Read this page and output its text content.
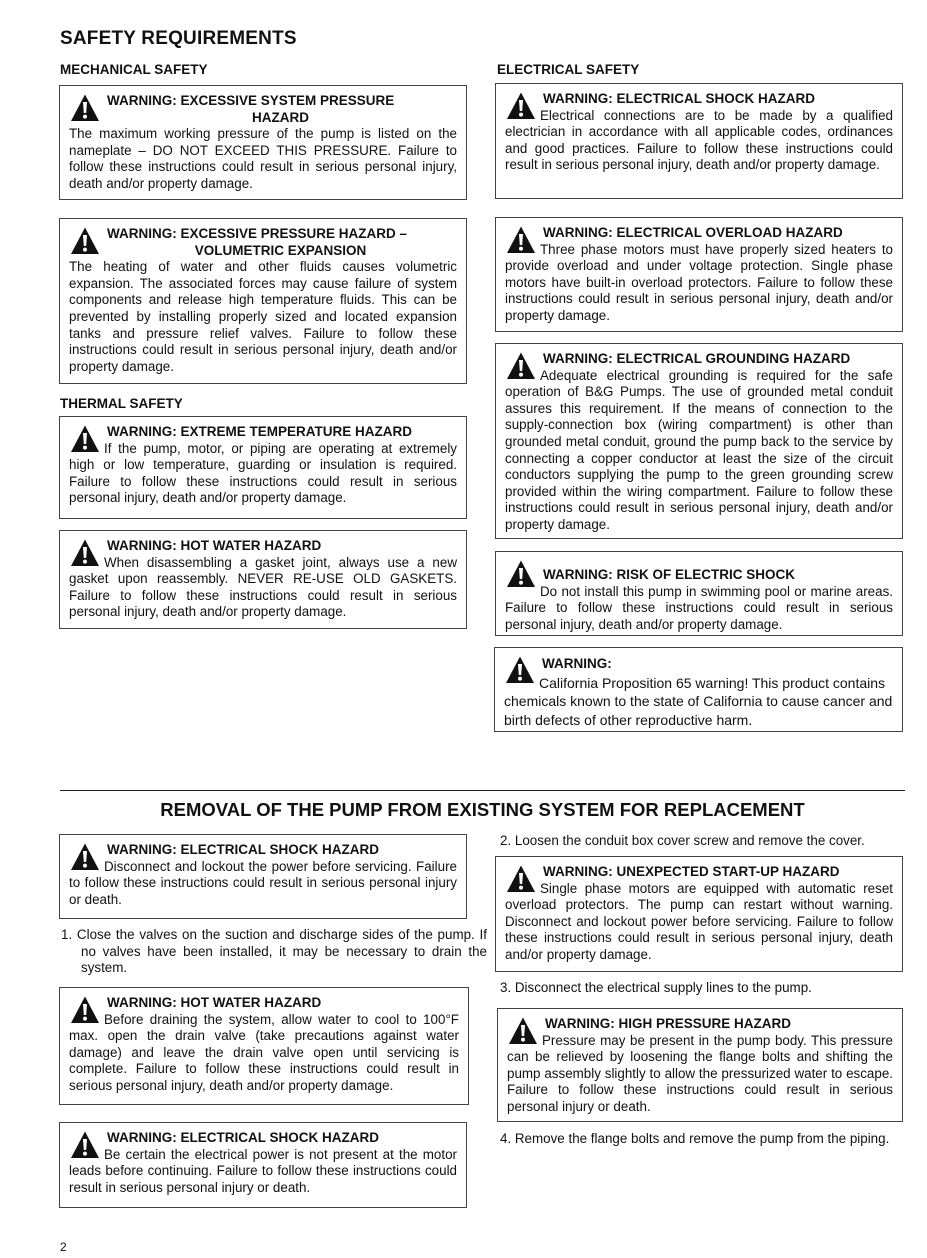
SAFETY REQUIREMENTS
MECHANICAL SAFETY	ELECTRICAL SAFETY
WARNING: EXCESSIVE SYSTEM PRESSURE
HAZARD
The maximum working pressure of the pump is listed on the nameplate – DO NOT EXCEED THIS PRESSURE. Failure to follow these instructions could result in serious personal injury, death and/or property damage.
WARNING: EXCESSIVE PRESSURE HAZARD –
VOLUMETRIC EXPANSION
The heating of water and other fluids causes volumetric expansion. The associated forces may cause failure of system components and release high temperature fluids. This can be prevented by installing properly sized and located expansion tanks and pressure relief valves. Failure to follow these instructions could result in serious personal injury, death and/or property damage.
THERMAL SAFETY
WARNING: EXTREME TEMPERATURE HAZARD
If the pump, motor, or piping are operating at extremely high or low temperature, guarding or insulation is required. Failure to follow these instructions could result in serious personal injury, death and/or property damage.
WARNING: HOT WATER HAZARD
When disassembling a gasket joint, always use a new gasket upon reassembly. NEVER RE-USE OLD GASKETS. Failure to follow these instructions could result in serious personal injury, death and/or property damage.
WARNING: ELECTRICAL SHOCK HAZARD
Electrical connections are to be made by a qualified electrician in accordance with all applicable codes, ordinances and good practices. Failure to follow these instructions could result in serious personal injury, death and/or property damage.
WARNING: ELECTRICAL OVERLOAD HAZARD
Three phase motors must have properly sized heaters to provide overload and under voltage protection. Single phase motors have built-in overload protectors. Failure to follow these instructions could result in serious personal injury, death and/or property damage.
WARNING: ELECTRICAL GROUNDING HAZARD
Adequate electrical grounding is required for the safe operation of B&G Pumps. The use of grounded metal conduit assures this requirement. If the means of connection to the supply-connection box (wiring compartment) is other than grounded metal conduit, ground the pump back to the service by connecting a copper conductor at least the size of the circuit conductors supplying the pump to the green grounding screw provided within the wiring compartment. Failure to follow these instructions could result in serious personal injury, death and/or property damage.
WARNING: RISK OF ELECTRIC SHOCK
Do not install this pump in swimming pool or marine areas. Failure to follow these instructions could result in serious personal injury, death and/or property damage.
WARNING:
California Proposition 65 warning! This product contains chemicals known to the state of California to cause cancer and birth defects of other reproductive harm.
REMOVAL OF THE PUMP FROM EXISTING SYSTEM FOR REPLACEMENT
WARNING: ELECTRICAL SHOCK HAZARD
Disconnect and lockout the power before servicing. Failure to follow these instructions could result in serious personal injury or death.
1. Close the valves on the suction and discharge sides of the pump. If no valves have been installed, it may be necessary to drain the system.
WARNING: HOT WATER HAZARD
Before draining the system, allow water to cool to 100°F max. open the drain valve (take precautions against water damage) and leave the drain valve open until servicing is complete. Failure to follow these instructions could result in serious personal injury, death and/or property damage.
WARNING: ELECTRICAL SHOCK HAZARD
Be certain the electrical power is not present at the motor leads before continuing. Failure to follow these instructions could result in serious personal injury or death.
2. Loosen the conduit box cover screw and remove the cover.
WARNING: UNEXPECTED START-UP HAZARD
Single phase motors are equipped with automatic reset overload protectors. The pump can restart without warning. Disconnect and lockout power before servicing. Failure to follow these instructions could result in serious personal injury, death and/or property damage.
3. Disconnect the electrical supply lines to the pump.
WARNING: HIGH PRESSURE HAZARD
Pressure may be present in the pump body. This pressure can be relieved by loosening the flange bolts and shifting the pump assembly slightly to allow the pressurized water to escape. Failure to follow these instructions could result in serious personal injury or death.
4. Remove the flange bolts and remove the pump from the piping.
2
